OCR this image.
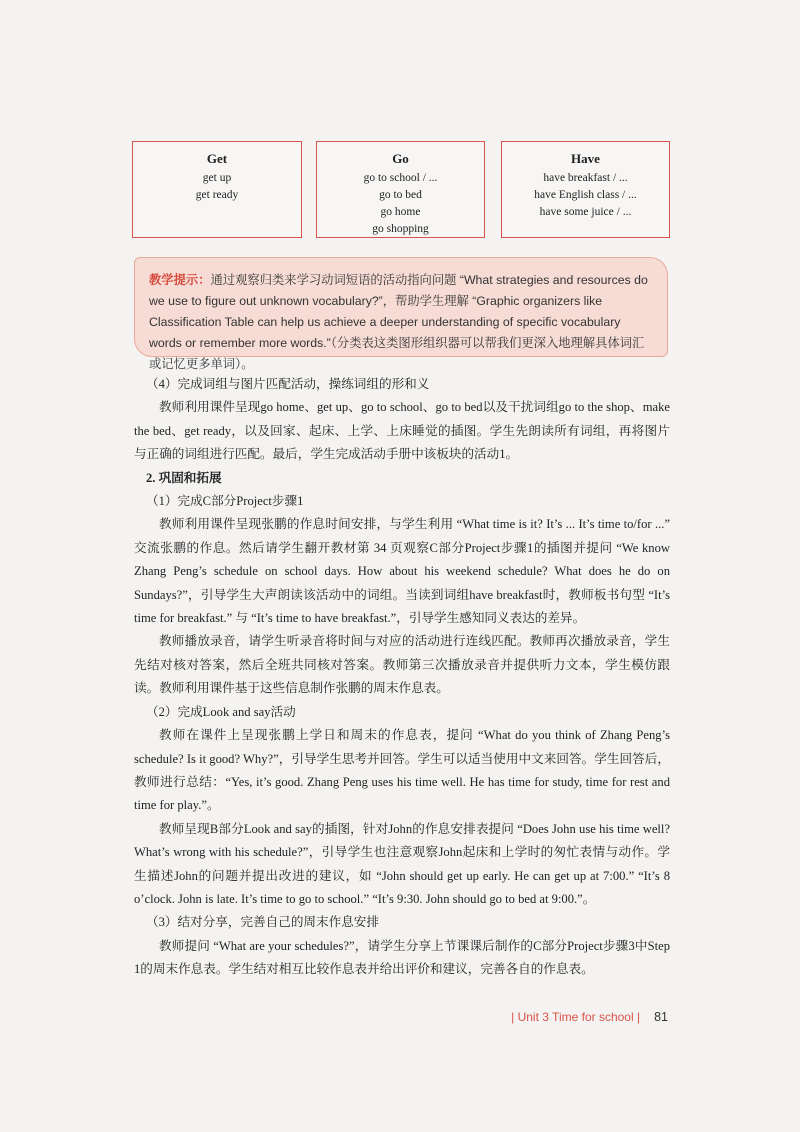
Get
get up
get ready
Go
go to school / ...
go to bed
go home
go shopping
Have
have breakfast / ...
have English class / ...
have some juice / ...
教学提示：通过观察归类来学习动词短语的活动指向问题 “What strategies and resources do we use to figure out unknown vocabulary?”，帮助学生理解 “Graphic organizers like Classification Table can help us achieve a deeper understanding of specific vocabulary words or remember more words.”（分类表这类图形组织器可以帮我们更深入地理解具体词汇或记忆更多单词）。

（4）完成词组与图片匹配活动，操练词组的形和义

教师利用课件呈现go home、get up、go to school、go to bed以及干扰词组go to the shop、make the bed、get ready，以及回家、起床、上学、上床睡觉的插图。学生先朗读所有词组，再将图片与正确的词组进行匹配。最后，学生完成活动手册中该板块的活动1。

2. 巩固和拓展

（1）完成C部分Project步骤1

教师利用课件呈现张鹏的作息时间安排，与学生利用 “What time is it? It’s ... It’s time to/for ...” 交流张鹏的作息。然后请学生翻开教材第 34 页观察C部分Project步骤1的插图并提问 “We know Zhang Peng’s schedule on school days. How about his weekend schedule? What does he do on Sundays?”，引导学生大声朗读该活动中的词组。当读到词组have breakfast时，教师板书句型 “It’s time for breakfast.” 与 “It’s time to have breakfast.”，引导学生感知同义表达的差异。

教师播放录音，请学生听录音将时间与对应的活动进行连线匹配。教师再次播放录音，学生先结对核对答案，然后全班共同核对答案。教师第三次播放录音并提供听力文本，学生模仿跟读。教师利用课件基于这些信息制作张鹏的周末作息表。

（2）完成Look and say活动

教师在课件上呈现张鹏上学日和周末的作息表，提问 “What do you think of Zhang Peng’s schedule? Is it good? Why?”，引导学生思考并回答。学生可以适当使用中文来回答。学生回答后，教师进行总结：“Yes, it’s good. Zhang Peng uses his time well. He has time for study, time for rest and time for play.”。

教师呈现B部分Look and say的插图，针对John的作息安排表提问 “Does John use his time well? What’s wrong with his schedule?”，引导学生也注意观察John起床和上学时的匆忙表情与动作。学生描述John的问题并提出改进的建议，如 “John should get up early. He can get up at 7:00.” “It’s 8 o’clock. John is late. It’s time to go to school.” “It’s 9:30. John should go to bed at 9:00.”。

（3）结对分享，完善自己的周末作息安排

教师提问 “What are your schedules?”，请学生分享上节课课后制作的C部分Project步骤3中Step 1的周末作息表。学生结对相互比较作息表并给出评价和建议，完善各自的作息表。

| Unit 3 Time for school | 81
